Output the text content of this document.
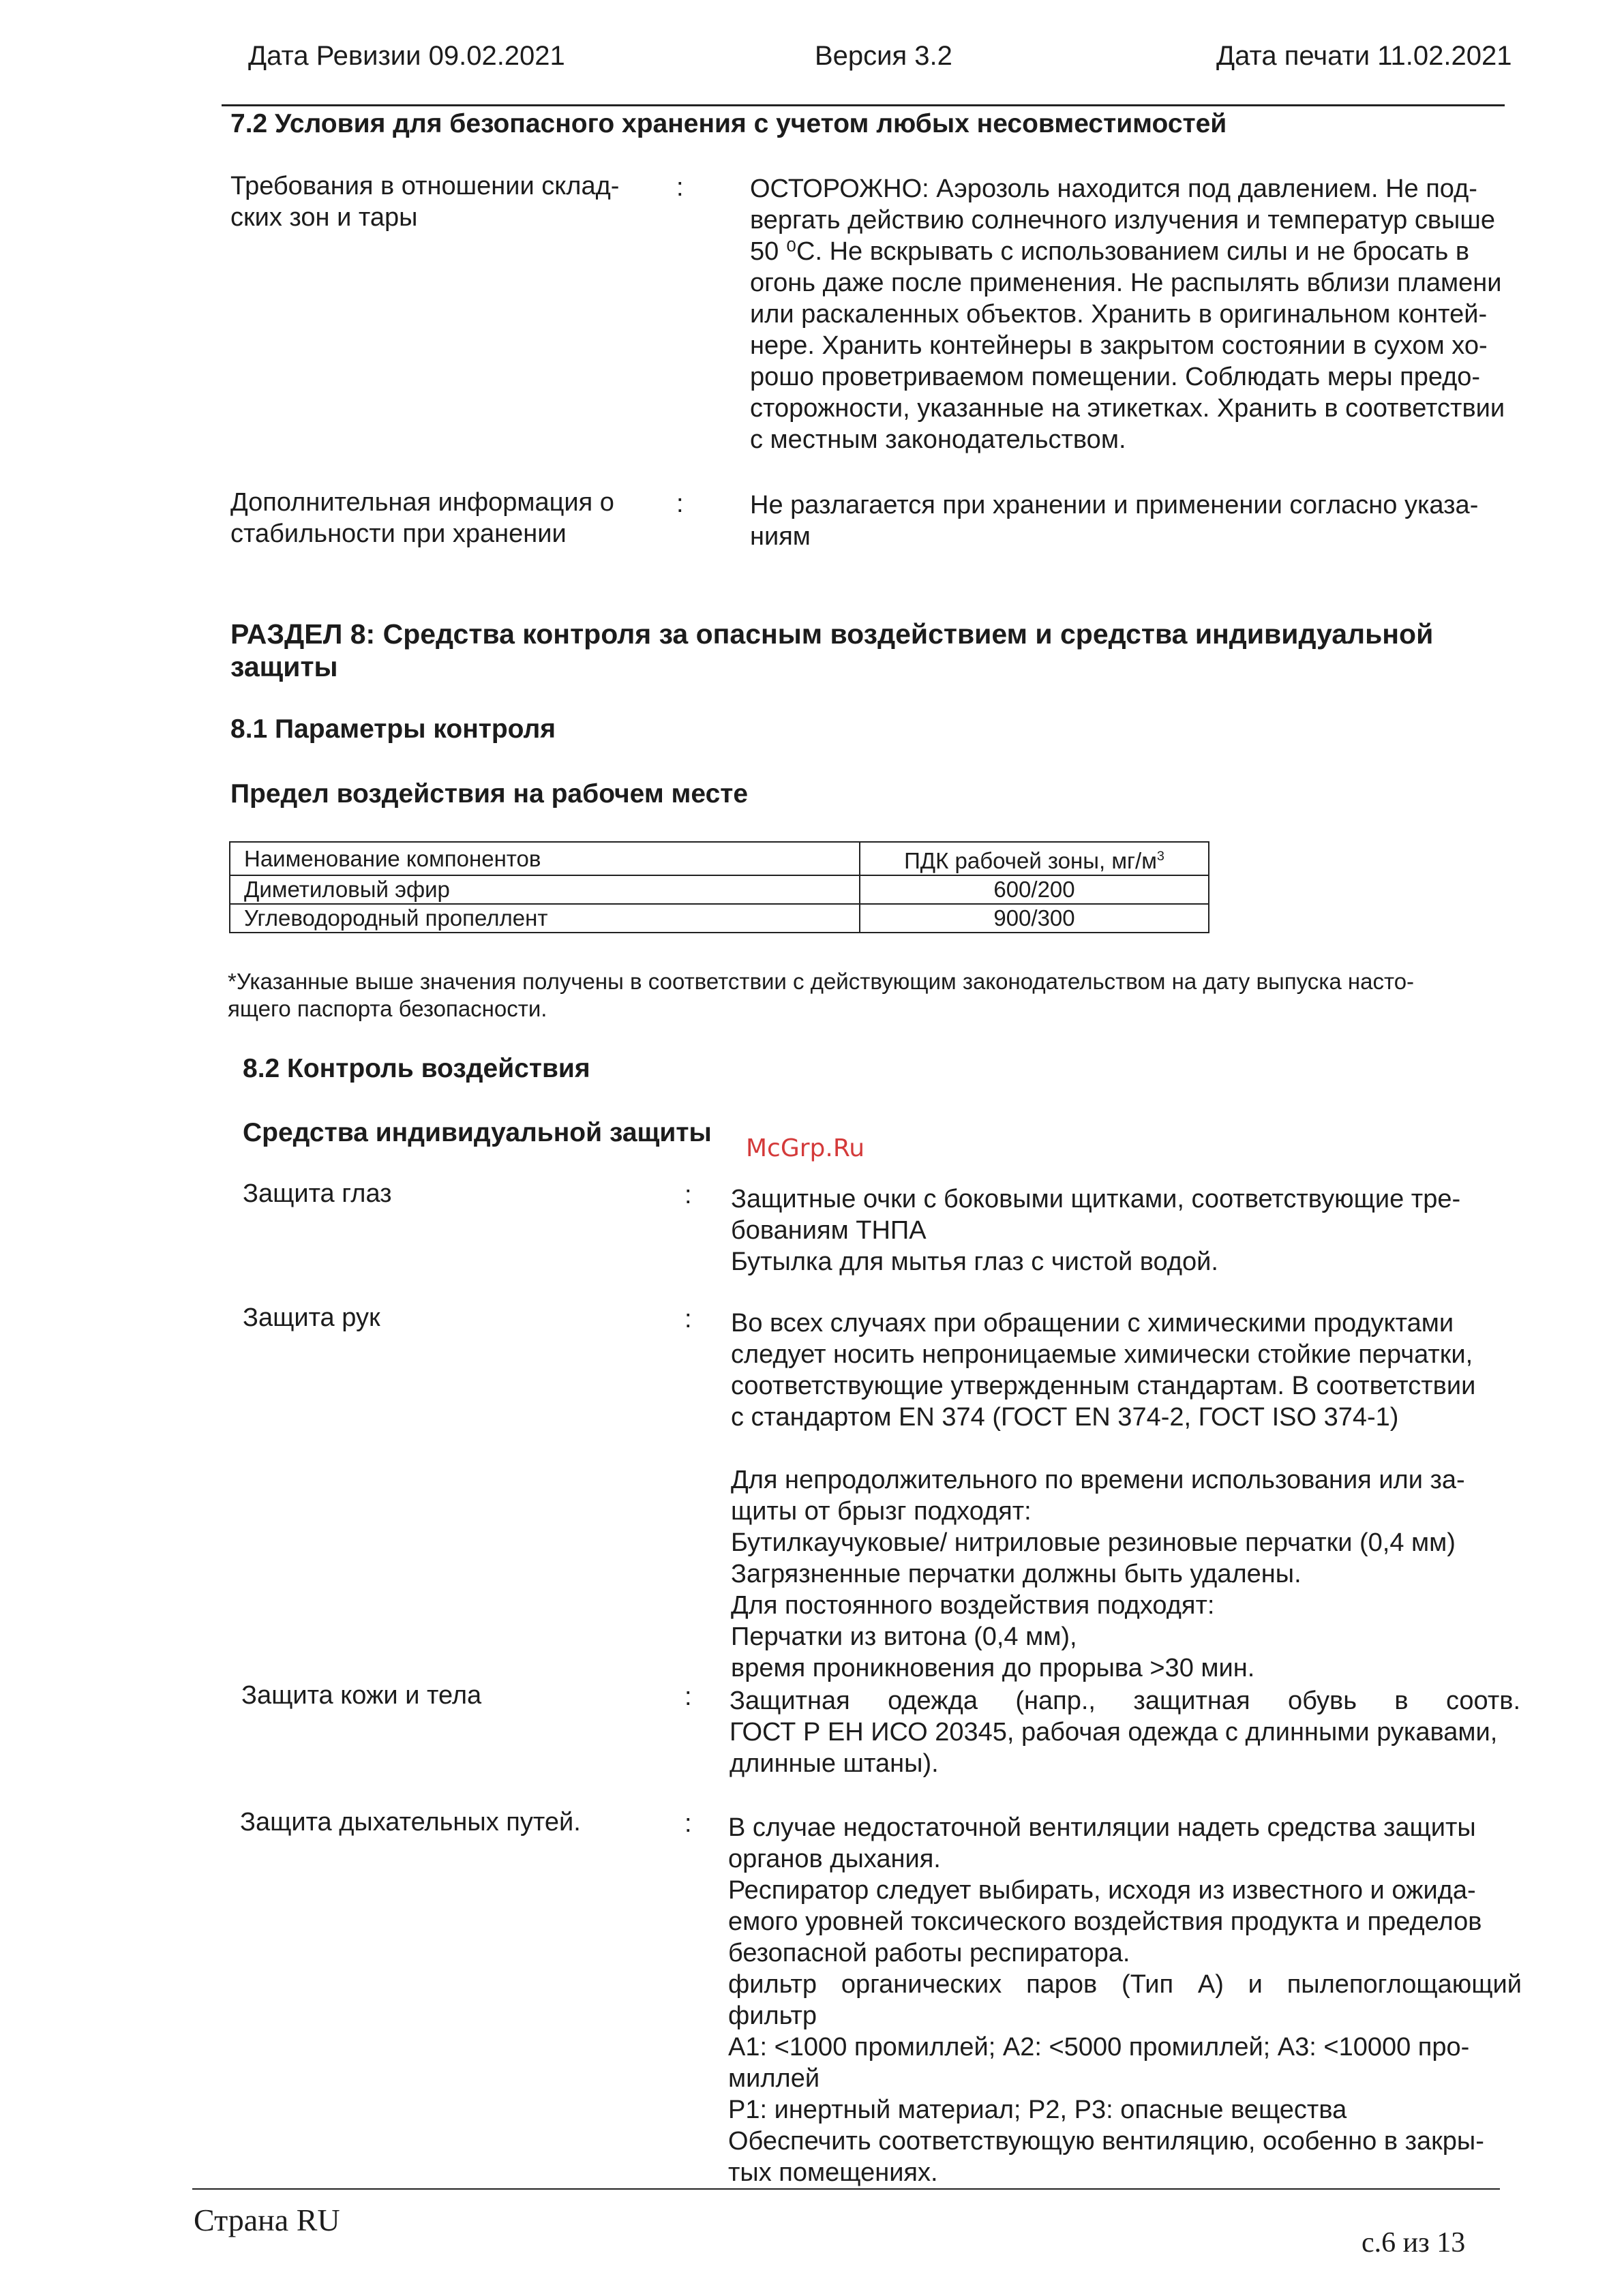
Дата Ревизии 09.02.2021	Версия 3.2	Дата печати 11.02.2021
7.2 Условия для безопасного хранения с учетом любых несовместимостей
Требования в отношении склад-
ских зон и тары
:	ОСТОРОЖНО: Аэрозоль находится под давлением. Не под-

вергать действию солнечного излучения и температур свыше

50 ⁰С. Не вскрывать с использованием силы и не бросать в

огонь даже после применения. Не распылять вблизи пламени

или раскаленных объектов. Хранить в оригинальном контей-

нере. Хранить контейнеры в закрытом состоянии в сухом хо-

рошо проветриваемом помещении. Соблюдать меры предо-

сторожности, указанные на этикетках. Хранить в соответствии

с местным законодательством.

Дополнительная информация о
стабильности при хранении
:	Не разлагается при хранении и применении согласно указа-

ниям

РАЗДЕЛ 8: Средства контроля за опасным воздействием и средства индивидуальной
защиты
8.1 Параметры контроля
Предел воздействия на рабочем месте
Наименование компонентов	ПДК рабочей зоны, $мг/м^3$
Диметиловый эфир	600/200
Углеводородный пропеллент	900/300
*Указанные выше значения получены в соответствии с действующим законодательством на дату выпуска насто-
ящего паспорта безопасности.
8.2 Контроль воздействия
Средства индивидуальной защиты
McGrp.Ru
Защита глаз	: Защитные очки с боковыми щитками, соответствующие тре-

бованиям ТНПА

Бутылка для мытья глаз с чистой водой.

Защита рук	: Во всех случаях при обращении с химическими продуктами

следует носить непроницаемые химически стойкие перчатки,

соответствующие утвержденным стандартам. В соответствии

с стандартом EN 374 (ГОСТ EN 374-2, ГОСТ ISO 374-1)

Для непродолжительного по времени использования или за-

щиты от брызг подходят:

Бутилкаучуковые/ нитриловые резиновые перчатки (0,4 мм)

Загрязненные перчатки должны быть удалены.

Для постоянного воздействия подходят:

Перчатки из витона (0,4 мм),

время проникновения до прорыва >30 мин.

Защита кожи и тела	: Защитная одежда (напр., защитная обувь в соотв.

ГОСТ Р ЕН ИСО 20345, рабочая одежда с длинными рукавами,

длинные штаны).

Защита дыхательных путей.	: В случае недостаточной вентиляции надеть средства защиты

органов дыхания.

Респиратор следует выбирать, исходя из известного и ожида-

емого уровней токсического воздействия продукта и пределов

безопасной работы респиратора.

фильтр органических паров (Тип А) и пылепоглощающий

фильтр

А1: <1000 промиллей; А2: <5000 промиллей; А3: <10000 про-

миллей

Р1: инертный материал; Р2, Р3: опасные вещества

Обеспечить соответствующую вентиляцию, особенно в закры-

тых помещениях.

Страна RU
с.6 из 13
